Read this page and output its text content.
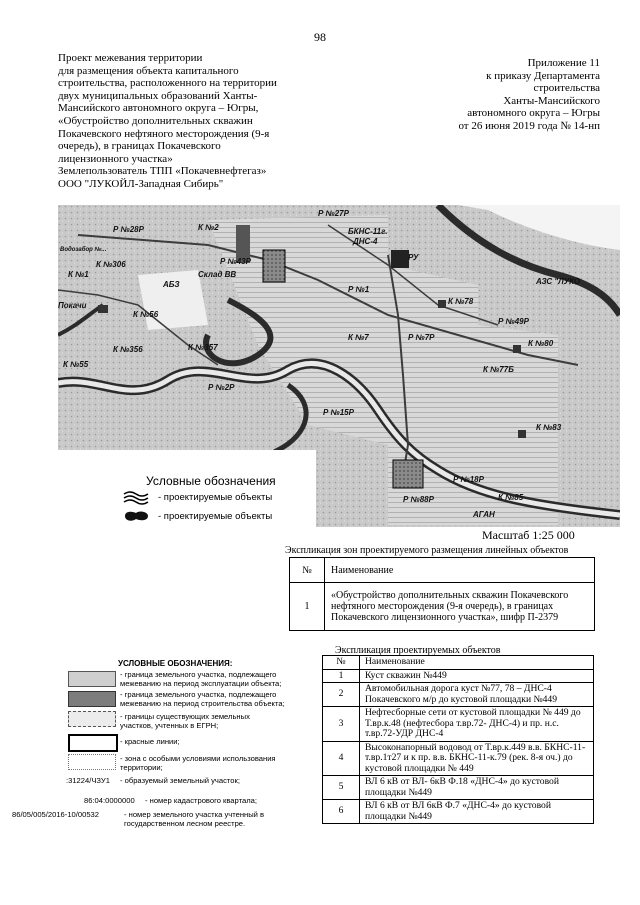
98
Проект межевания территории
для размещения объекта капитального
строительства, расположенного на территории
двух муниципальных образований Ханты-
Мансийского автономного округа – Югры,
«Обустройство дополнительных скважин
Покачевского нефтяного месторождения (9-я
очередь), в границах Покачевского
лицензионного участка»
Землепользователь ТПП «Покачевнефтегаз»
ООО "ЛУКОЙЛ-Западная Сибирь"
Приложение 11
к приказу Департамента
строительства
Ханты-Мансийского
автономного округа – Югры
от 26 июня 2019 года № 14-нп
Р №27Р
К №2
Р №28Р	БКНС-11г.
ДНС-4
Водозабор №...
К №306	Р №43Р
Склад ВВ
РУ
АЗС "ЛУКО
К №1
АБЗ
Р №1
К №78
К №56
Р №49Р
Покачи
К №7	Р №7Р
К №357	К №80
К №356
К №55
К №77Б
Р №2Р
Р №15Р
К №83
Р №18Р
К №85
Р №88Р
АГАН
Условные обозначения
- проектируемые объекты
- проектируемые объекты
Масштаб 1:25 000
Экспликация зон проектируемого размещения линейных объектов
№	Наименование
1	«Обустройство дополнительных скважин Покачевского нефтяного месторождения (9-я очередь), в границах Покачевского лицензионного участка», шифр П-2379
УСЛОВНЫЕ ОБОЗНАЧЕНИЯ:
- граница земельного участка, подлежащего межеванию на период эксплуатации объекта;
- граница земельного участка, подлежащего межеванию на период строительства объекта;
- границы существующих земельных участков, учтенных в ЕГРН;
- красные линии;
- зона с особыми условиями использования территории;
:31224/ЧЗУ1 - образуемый земельный участок;
86:04:0000000 - номер кадастрового квартала;
86/05/005/2016-10/00532	- номер земельного участка учтенный в государственном лесном реестре.
Экспликация проектируемых объектов
№	Наименование
1	Куст скважин №449
2	Автомобильная дорога куст №77, 78 – ДНС-4 Покачевского м/р до кустовой площадки №449
3	Нефтесборные сети от кустовой площадки № 449 до Т.вр.к.48 (нефтесбора т.вр.72- ДНС-4) и пр. н.с. т.вр.72-УДР ДНС-4
4	Высоконапорный водовод от Т.вр.к.449 в.в. БКНС-11-т.вр.1т27 и к пр. в.в. БКНС-11-к.79 (рек. 8-я оч.) до кустовой площадки № 449
5	ВЛ 6 кВ от ВЛ- 6кВ Ф.18 «ДНС-4» до кустовой площадки №449
6	ВЛ 6 кВ от ВЛ 6кВ Ф.7 «ДНС-4» до кустовой площадки №449
